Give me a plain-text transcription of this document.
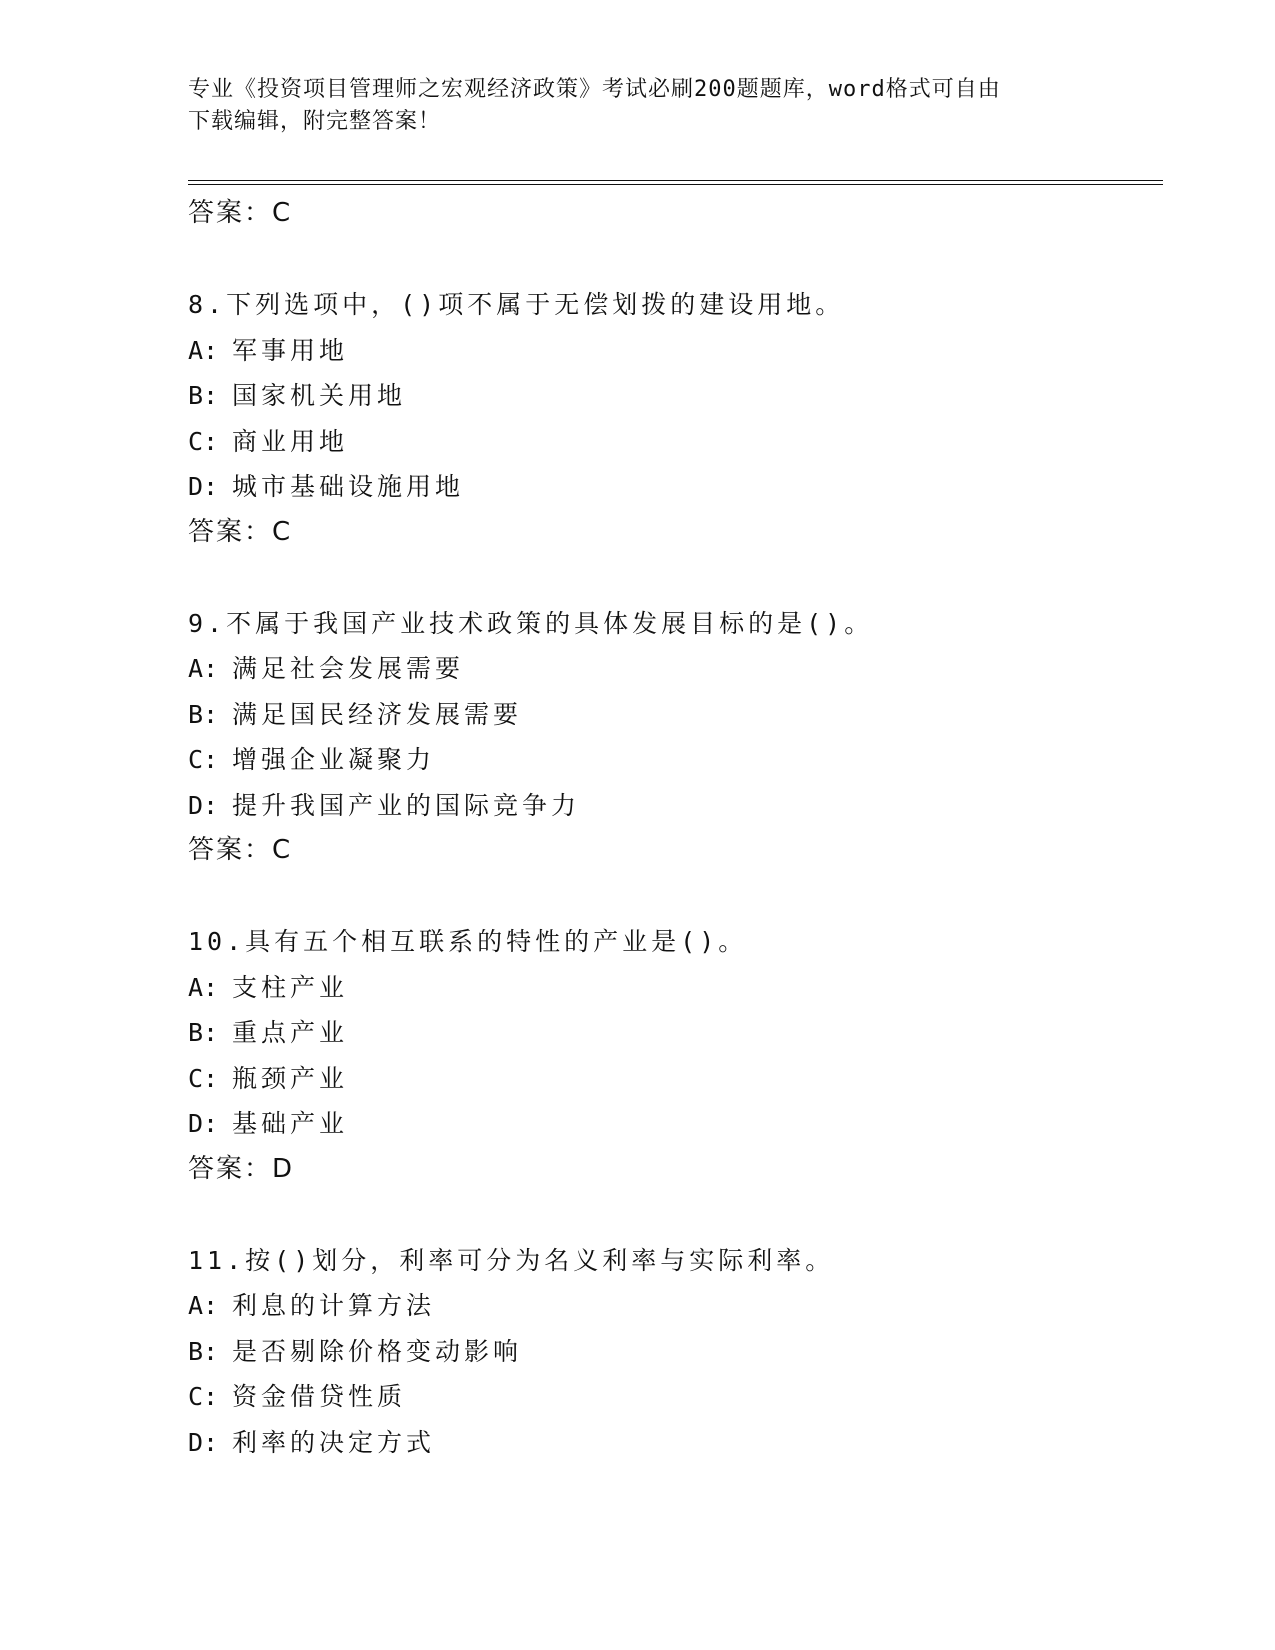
专业《投资项目管理师之宏观经济政策》考试必刷200题题库，word格式可自由
下载编辑，附完整答案！
答案：C
8.下列选项中，()项不属于无偿划拨的建设用地。
A: 军事用地
B: 国家机关用地
C: 商业用地
D: 城市基础设施用地
答案：C
9.不属于我国产业技术政策的具体发展目标的是()。
A: 满足社会发展需要
B: 满足国民经济发展需要
C: 增强企业凝聚力
D: 提升我国产业的国际竞争力
答案：C
10.具有五个相互联系的特性的产业是()。
A: 支柱产业
B: 重点产业
C: 瓶颈产业
D: 基础产业
答案：D
11.按()划分，利率可分为名义利率与实际利率。
A: 利息的计算方法
B: 是否剔除价格变动影响
C: 资金借贷性质
D: 利率的决定方式
